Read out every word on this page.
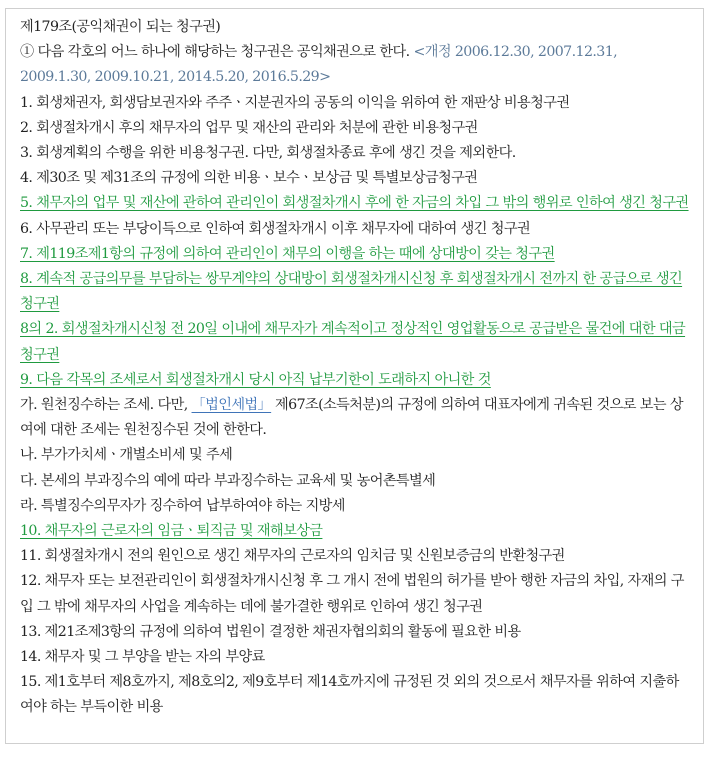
제179조(공익채권이 되는 청구권)
① 다음 각호의 어느 하나에 해당하는 청구권은 공익채권으로 한다. <개정 2006.12.30, 2007.12.31, 2009.1.30, 2009.10.21, 2014.5.20, 2016.5.29>
1. 회생채권자, 회생담보권자와 주주ㆍ지분권자의 공동의 이익을 위하여 한 재판상 비용청구권
2. 회생절차개시 후의 채무자의 업무 및 재산의 관리와 처분에 관한 비용청구권
3. 회생계획의 수행을 위한 비용청구권. 다만, 회생절차종료 후에 생긴 것을 제외한다.
4. 제30조 및 제31조의 규정에 의한 비용ㆍ보수ㆍ보상금 및 특별보상금청구권
5. 채무자의 업무 및 재산에 관하여 관리인이 회생절차개시 후에 한 자금의 차입 그 밖의 행위로 인하여 생긴 청구권
6. 사무관리 또는 부당이득으로 인하여 회생절차개시 이후 채무자에 대하여 생긴 청구권
7. 제119조제1항의 규정에 의하여 관리인이 채무의 이행을 하는 때에 상대방이 갖는 청구권
8. 계속적 공급의무를 부담하는 쌍무계약의 상대방이 회생절차개시신청 후 회생절차개시 전까지 한 공급으로 생긴 청구권
8의 2. 회생절차개시신청 전 20일 이내에 채무자가 계속적이고 정상적인 영업활동으로 공급받은 물건에 대한 대금청구권
9. 다음 각목의 조세로서 회생절차개시 당시 아직 납부기한이 도래하지 아니한 것
가. 원천징수하는 조세. 다만, 「법인세법」 제67조(소득처분)의 규정에 의하여 대표자에게 귀속된 것으로 보는 상여에 대한 조세는 원천징수된 것에 한한다.
나. 부가가치세ㆍ개별소비세 및 주세
다. 본세의 부과징수의 예에 따라 부과징수하는 교육세 및 농어촌특별세
라. 특별징수의무자가 징수하여 납부하여야 하는 지방세
10. 채무자의 근로자의 임금ㆍ퇴직금 및 재해보상금
11. 회생절차개시 전의 원인으로 생긴 채무자의 근로자의 임치금 및 신원보증금의 반환청구권
12. 채무자 또는 보전관리인이 회생절차개시신청 후 그 개시 전에 법원의 허가를 받아 행한 자금의 차입, 자재의 구입 그 밖에 채무자의 사업을 계속하는 데에 불가결한 행위로 인하여 생긴 청구권
13. 제21조제3항의 규정에 의하여 법원이 결정한 채권자협의회의 활동에 필요한 비용
14. 채무자 및 그 부양을 받는 자의 부양료
15. 제1호부터 제8호까지, 제8호의2, 제9호부터 제14호까지에 규정된 것 외의 것으로서 채무자를 위하여 지출하여야 하는 부득이한 비용
